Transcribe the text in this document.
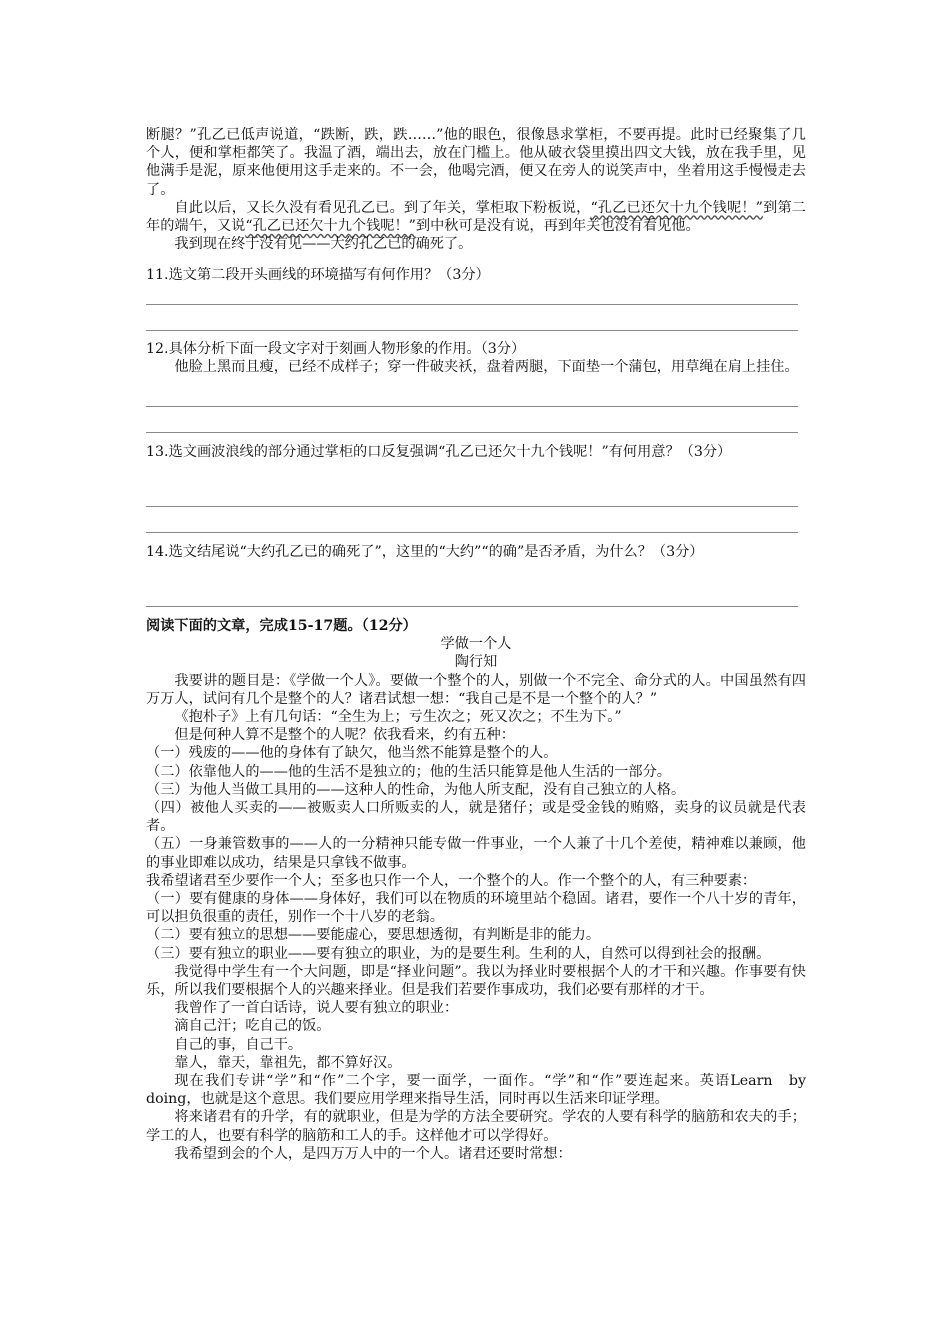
断腿？”孔乙已低声说道，“跌断，跌，跌……”他的眼色，很像恳求掌柜，不要再提。此时已经聚集了几个人，便和掌柜都笑了。我温了酒，端出去，放在门槛上。他从破衣袋里摸出四文大钱，放在我手里，见他满手是泥，原来他便用这手走来的。不一会，他喝完酒，便又在旁人的说笑声中，坐着用这手慢慢走去了。

自此以后，又长久没有看见孔乙已。到了年关，掌柜取下粉板说，“孔乙已还欠十九个钱呢！”到第二年的端午，又说“孔乙已还欠十九个钱呢！”到中秋可是没有说，再到年关也没有看见他。

我到现在终于没有见——大约孔乙已的确死了。

11.选文第二段开头画线的环境描写有何作用？（3分）

12.具体分析下面一段文字对于刻画人物形象的作用。（3分）

他脸上黑而且瘦，已经不成样子；穿一件破夹袄，盘着两腿，下面垫一个蒲包，用草绳在肩上挂住。

13.选文画波浪线的部分通过掌柜的口反复强调“孔乙已还欠十九个钱呢！”有何用意？（3分）

14.选文结尾说“大约孔乙已的确死了”，这里的“大约”“的确”是否矛盾，为什么？（3分）

阅读下面的文章，完成15-17题。（12分）

学做一个人

陶行知

我要讲的题目是：《学做一个人》。要做一个整个的人，别做一个不完全、命分式的人。中国虽然有四万万人，试问有几个是整个的人？诸君试想一想：“我自己是不是一个整个的人？”

《抱朴子》上有几句话：“全生为上；亏生次之；死又次之；不生为下。”

但是何种人算不是整个的人呢？依我看来，约有五种：

（一）残废的——他的身体有了缺欠，他当然不能算是整个的人。

（二）依靠他人的——他的生活不是独立的；他的生活只能算是他人生活的一部分。

（三）为他人当做工具用的——这种人的性命，为他人所支配，没有自己独立的人格。

（四）被他人买卖的——被贩卖人口所贩卖的人，就是猪仔；或是受金钱的贿赂，卖身的议员就是代表者。

（五）一身兼管数事的——人的一分精神只能专做一件事业，一个人兼了十几个差使，精神难以兼顾，他的事业即难以成功，结果是只拿钱不做事。

我希望诸君至少要作一个人；至多也只作一个人，一个整个的人。作一个整个的人，有三种要素：

（一）要有健康的身体——身体好，我们可以在物质的环境里站个稳固。诸君，要作一个八十岁的青年，可以担负很重的责任，别作一个十八岁的老翁。

（二）要有独立的思想——要能虚心，要思想透彻，有判断是非的能力。

（三）要有独立的职业——要有独立的职业，为的是要生利。生利的人，自然可以得到社会的报酬。

我觉得中学生有一个大问题，即是“择业问题”。我以为择业时要根据个人的才干和兴趣。作事要有快乐，所以我们要根据个人的兴趣来择业。但是我们若要作事成功，我们必要有那样的才干。

我曾作了一首白话诗，说人要有独立的职业：

滴自己汗；吃自己的饭。

自己的事，自己干。

靠人，靠天，靠祖先，都不算好汉。

现在我们专讲“学”和“作”二个字，要一面学，一面作。“学”和“作”要连起来。英语Learn　by　doing，也就是这个意思。我们要应用学理来指导生活，同时再以生活来印证学理。

将来诸君有的升学，有的就职业，但是为学的方法全要研究。学农的人要有科学的脑筋和农夫的手；学工的人，也要有科学的脑筋和工人的手。这样他才可以学得好。

我希望到会的个人，是四万万人中的一个人。诸君还要时常想：
